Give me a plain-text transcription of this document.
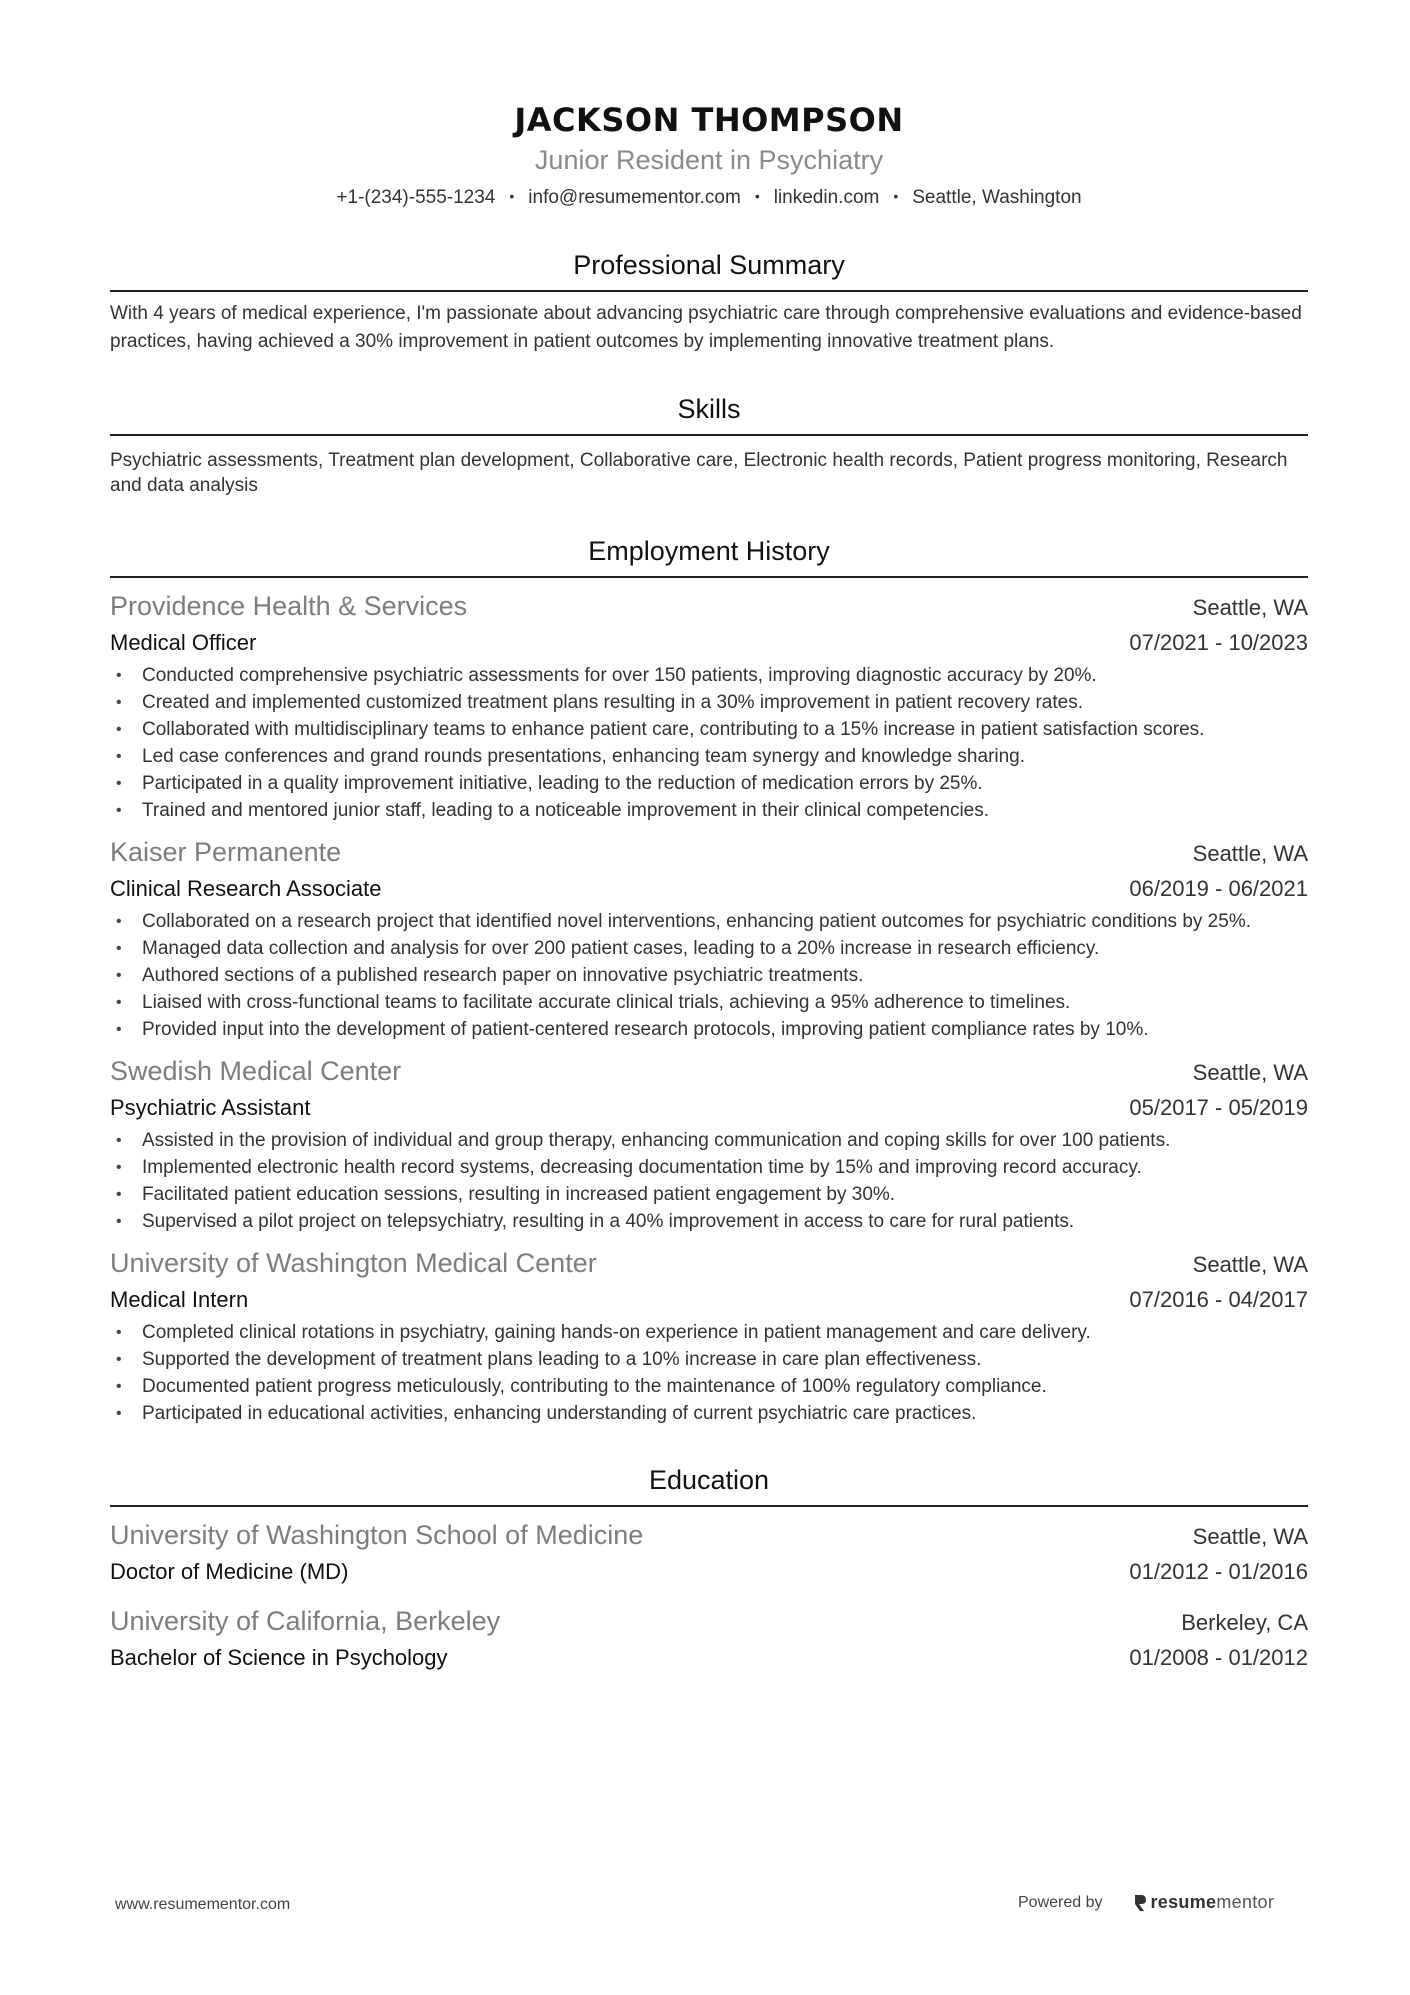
JACKSON THOMPSON
Junior Resident in Psychiatry
+1-(234)-555-1234 • info@resumementor.com • linkedin.com • Seattle, Washington
Professional Summary
With 4 years of medical experience, I'm passionate about advancing psychiatric care through comprehensive evaluations and evidence-based practices, having achieved a 30% improvement in patient outcomes by implementing innovative treatment plans.
Skills
Psychiatric assessments, Treatment plan development, Collaborative care, Electronic health records, Patient progress monitoring, Research and data analysis
Employment History
Providence Health & Services	Seattle, WA
Medical Officer	07/2021 - 10/2023
• Conducted comprehensive psychiatric assessments for over 150 patients, improving diagnostic accuracy by 20%.
• Created and implemented customized treatment plans resulting in a 30% improvement in patient recovery rates.
• Collaborated with multidisciplinary teams to enhance patient care, contributing to a 15% increase in patient satisfaction scores.
• Led case conferences and grand rounds presentations, enhancing team synergy and knowledge sharing.
• Participated in a quality improvement initiative, leading to the reduction of medication errors by 25%.
• Trained and mentored junior staff, leading to a noticeable improvement in their clinical competencies.
Kaiser Permanente	Seattle, WA
Clinical Research Associate	06/2019 - 06/2021
• Collaborated on a research project that identified novel interventions, enhancing patient outcomes for psychiatric conditions by 25%.
• Managed data collection and analysis for over 200 patient cases, leading to a 20% increase in research efficiency.
• Authored sections of a published research paper on innovative psychiatric treatments.
• Liaised with cross-functional teams to facilitate accurate clinical trials, achieving a 95% adherence to timelines.
• Provided input into the development of patient-centered research protocols, improving patient compliance rates by 10%.
Swedish Medical Center	Seattle, WA
Psychiatric Assistant	05/2017 - 05/2019
• Assisted in the provision of individual and group therapy, enhancing communication and coping skills for over 100 patients.
• Implemented electronic health record systems, decreasing documentation time by 15% and improving record accuracy.
• Facilitated patient education sessions, resulting in increased patient engagement by 30%.
• Supervised a pilot project on telepsychiatry, resulting in a 40% improvement in access to care for rural patients.
University of Washington Medical Center	Seattle, WA
Medical Intern	07/2016 - 04/2017
• Completed clinical rotations in psychiatry, gaining hands-on experience in patient management and care delivery.
• Supported the development of treatment plans leading to a 10% increase in care plan effectiveness.
• Documented patient progress meticulously, contributing to the maintenance of 100% regulatory compliance.
• Participated in educational activities, enhancing understanding of current psychiatric care practices.
Education
University of Washington School of Medicine	Seattle, WA
Doctor of Medicine (MD)	01/2012 - 01/2016
University of California, Berkeley	Berkeley, CA
Bachelor of Science in Psychology	01/2008 - 01/2012
www.resumementor.com	Powered by	resumementor
